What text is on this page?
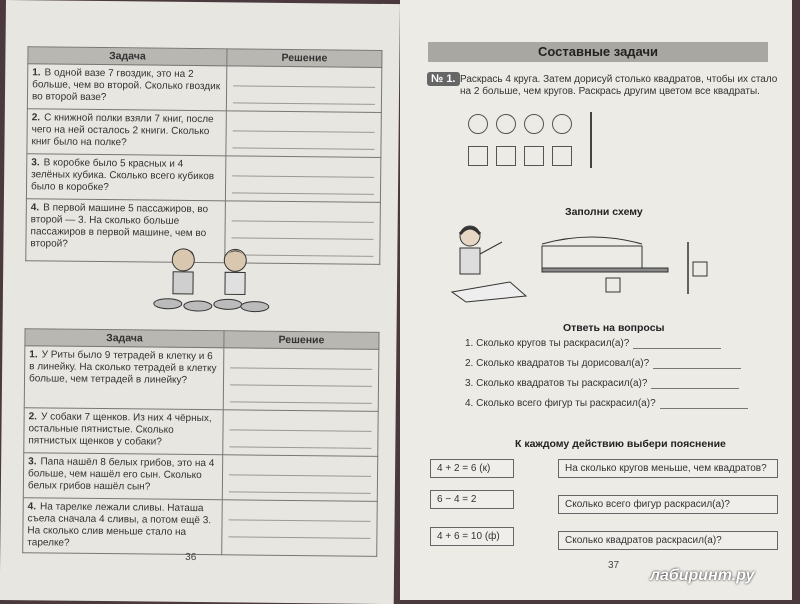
Задача	Решение
1. В одной вазе 7 гвоздик, это на 2 больше, чем во второй. Сколько гвоздик во второй вазе?	

2. С книжной полки взяли 7 книг, после чего на ней осталось 2 книги. Сколько книг было на полке?	

3. В коробке было 5 красных и 4 зелёных кубика. Сколько всего кубиков было в коробке?	

4. В первой машине 5 пассажиров, во второй — 3. На сколько больше пассажиров в первой машине, чем во второй?	
Задача	Решение
1. У Риты было 9 тетрадей в клетку и 6 в линейку. На сколько тетрадей в клетку больше, чем тетрадей в линейку?	

2. У собаки 7 щенков. Из них 4 чёрных, остальные пятнистые. Сколько пятнистых щенков у собаки?	

3. Папа нашёл 8 белых грибов, это на 4 больше, чем нашёл его сын. Сколько белых грибов нашёл сын?	

4. На тарелке лежали сливы. Наташа съела сначала 4 сливы, а потом ещё 3. На сколько слив меньше стало на тарелке?	
36
Составные задачи
№ 1. Раскрась 4 круга. Затем дорисуй столько квадратов, чтобы их стало на 2 больше, чем кругов. Раскрась другим цветом все квадраты.
Заполни схему
Ответь на вопросы
1. Сколько кругов ты раскрасил(а)?
2. Сколько квадратов ты дорисовал(а)?
3. Сколько квадратов ты раскрасил(а)?
4. Сколько всего фигур ты раскрасил(а)?
К каждому действию выбери пояснение
4 + 2 = 6 (к)
6 − 4 = 2
4 + 6 = 10 (ф)
На сколько кругов меньше, чем квадратов?
Сколько всего фигур раскрасил(а)?
Сколько квадратов раскрасил(а)?
37
лабиринт.ру
